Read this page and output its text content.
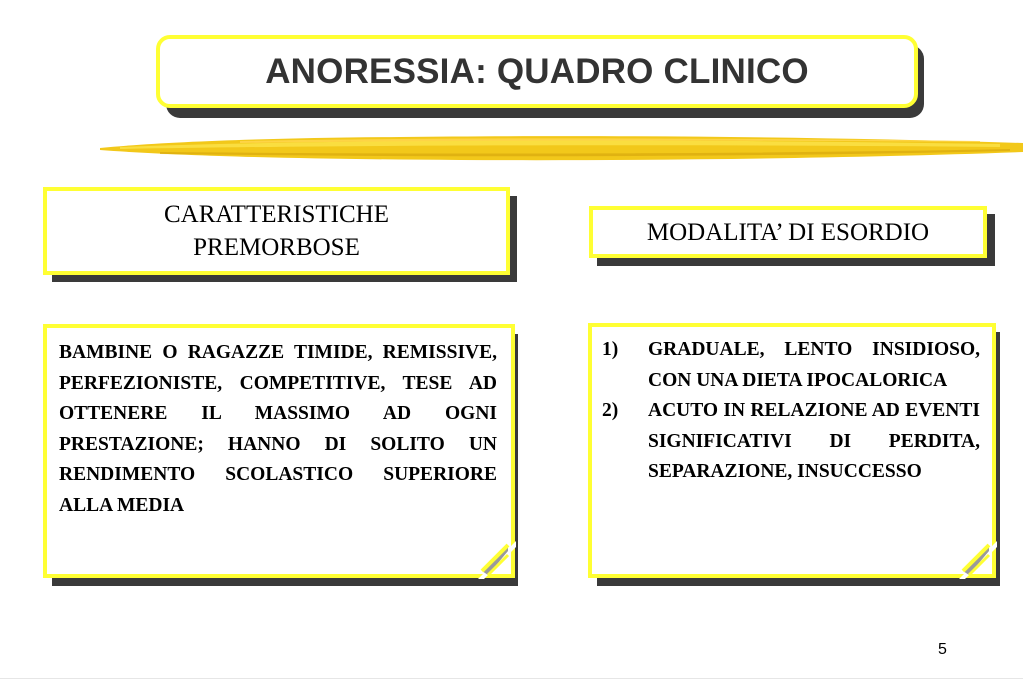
ANORESSIA: QUADRO CLINICO
CARATTERISTICHE
PREMORBOSE
MODALITA’ DI ESORDIO
BAMBINE O RAGAZZE TIMIDE, REMISSIVE, PERFEZIONISTE, COMPETITIVE, TESE AD OTTENERE IL MASSIMO AD OGNI PRESTAZIONE; HANNO DI SOLITO UN RENDIMENTO SCOLASTICO SUPERIORE ALLA MEDIA
1)	GRADUALE, LENTO INSIDIOSO, CON UNA DIETA IPOCALORICA
2)	ACUTO IN RELAZIONE AD EVENTI SIGNIFICATIVI DI PERDITA, SEPARAZIONE, INSUCCESSO
5
